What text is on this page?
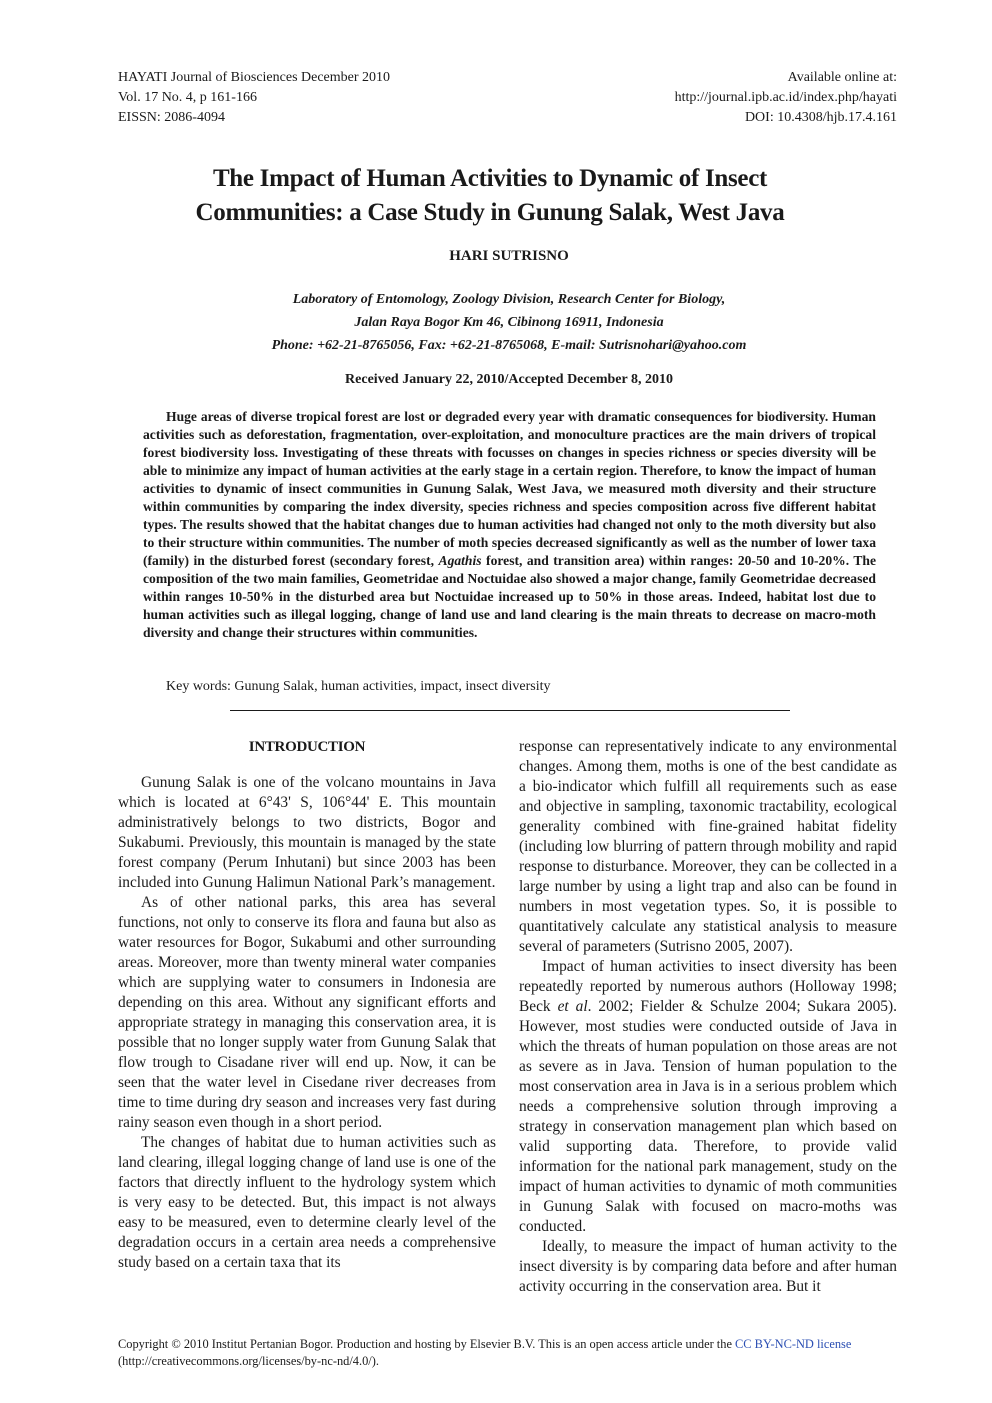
HAYATI Journal of Biosciences December 2010
Vol. 17 No. 4, p 161-166
EISSN: 2086-4094
Available online at:
http://journal.ipb.ac.id/index.php/hayati
DOI: 10.4308/hjb.17.4.161
The Impact of Human Activities to Dynamic of Insect
Communities: a Case Study in Gunung Salak, West Java
HARI SUTRISNO
Laboratory of Entomology, Zoology Division, Research Center for Biology,
Jalan Raya Bogor Km 46, Cibinong 16911, Indonesia
Phone: +62-21-8765056, Fax: +62-21-8765068, E-mail: Sutrisnohari@yahoo.com
Received January 22, 2010/Accepted December 8, 2010

Huge areas of diverse tropical forest are lost or degraded every year with dramatic consequences for biodiversity. Human activities such as deforestation, fragmentation, over-exploitation, and monoculture practices are the main drivers of tropical forest biodiversity loss. Investigating of these threats with focusses on changes in species richness or species diversity will be able to minimize any impact of human activities at the early stage in a certain region. Therefore, to know the impact of human activities to dynamic of insect communities in Gunung Salak, West Java, we measured moth diversity and their structure within communities by comparing the index diversity, species richness and species composition across five different habitat types. The results showed that the habitat changes due to human activities had changed not only to the moth diversity but also to their structure within communities. The number of moth species decreased significantly as well as the number of lower taxa (family) in the disturbed forest (secondary forest, Agathis forest, and transition area) within ranges: 20-50 and 10-20%. The composition of the two main families, Geometridae and Noctuidae also showed a major change, family Geometridae decreased within ranges 10-50% in the disturbed area but Noctuidae increased up to 50% in those areas. Indeed, habitat lost due to human activities such as illegal logging, change of land use and land clearing is the main threats to decrease on macro-moth diversity and change their structures within communities.

Key words: Gunung Salak, human activities, impact, insect diversity
INTRODUCTION

Gunung Salak is one of the volcano mountains in Java which is located at 6°43' S, 106°44' E. This mountain administratively belongs to two districts, Bogor and Sukabumi. Previously, this mountain is managed by the state forest company (Perum Inhutani) but since 2003 has been included into Gunung Halimun National Park’s management.

As of other national parks, this area has several functions, not only to conserve its flora and fauna but also as water resources for Bogor, Sukabumi and other surrounding areas. Moreover, more than twenty mineral water companies which are supplying water to consumers in Indonesia are depending on this area. Without any significant efforts and appropriate strategy in managing this conservation area, it is possible that no longer supply water from Gunung Salak that flow trough to Cisadane river will end up. Now, it can be seen that the water level in Cisedane river decreases from time to time during dry season and increases very fast during rainy season even though in a short period.

The changes of habitat due to human activities such as land clearing, illegal logging change of land use is one of the factors that directly influent to the hydrology system which is very easy to be detected. But, this impact is not always easy to be measured, even to determine clearly level of the degradation occurs in a certain area needs a comprehensive study based on a certain taxa that its

response can representatively indicate to any environmental changes. Among them, moths is one of the best candidate as a bio-indicator which fulfill all requirements such as ease and objective in sampling, taxonomic tractability, ecological generality combined with fine-grained habitat fidelity (including low blurring of pattern through mobility and rapid response to disturbance. Moreover, they can be collected in a large number by using a light trap and also can be found in numbers in most vegetation types. So, it is possible to quantitatively calculate any statistical analysis to measure several of parameters (Sutrisno 2005, 2007).

Impact of human activities to insect diversity has been repeatedly reported by numerous authors (Holloway 1998; Beck et al. 2002; Fielder & Schulze 2004; Sukara 2005). However, most studies were conducted outside of Java in which the threats of human population on those areas are not as severe as in Java. Tension of human population to the most conservation area in Java is in a serious problem which needs a comprehensive solution through improving a strategy in conservation management plan which based on valid supporting data. Therefore, to provide valid information for the national park management, study on the impact of human activities to dynamic of moth communities in Gunung Salak with focused on macro-moths was conducted.

Ideally, to measure the impact of human activity to the insect diversity is by comparing data before and after human activity occurring in the conservation area. But it

Copyright © 2010 Institut Pertanian Bogor. Production and hosting by Elsevier B.V. This is an open access article under the CC BY-NC-ND license
(http://creativecommons.org/licenses/by-nc-nd/4.0/).
